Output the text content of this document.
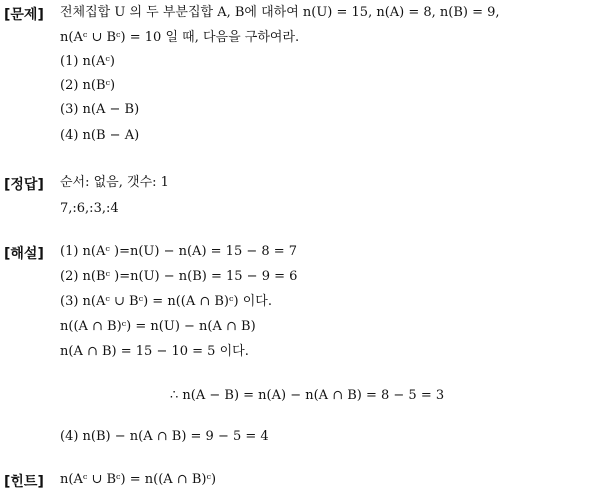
[문제] 전체집합 U 의 두 부분집합 A, B에 대하여 n(U) = 15, n(A) = 8, n(B) = 9,
n(Aᶜ ∪ Bᶜ) = 10 일 때, 다음을 구하여라.
(1) n(Aᶜ)
(2) n(Bᶜ)
(3) n(A − B)
(4) n(B − A)
[정답] 순서: 없음, 갯수: 1
7,:6,:3,:4
[해설] (1) n(Aᶜ )=n(U) − n(A) = 15 − 8 = 7
(2) n(Bᶜ )=n(U) − n(B) = 15 − 9 = 6
(3) n(Aᶜ ∪ Bᶜ) = n((A ∩ B)ᶜ) 이다.
n((A ∩ B)ᶜ) = n(U) − n(A ∩ B)
n(A ∩ B) = 15 − 10 = 5 이다.
∴ n(A − B) = n(A) − n(A ∩ B) = 8 − 5 = 3
(4) n(B) − n(A ∩ B) = 9 − 5 = 4
[힌트] n(Aᶜ ∪ Bᶜ) = n((A ∩ B)ᶜ)
